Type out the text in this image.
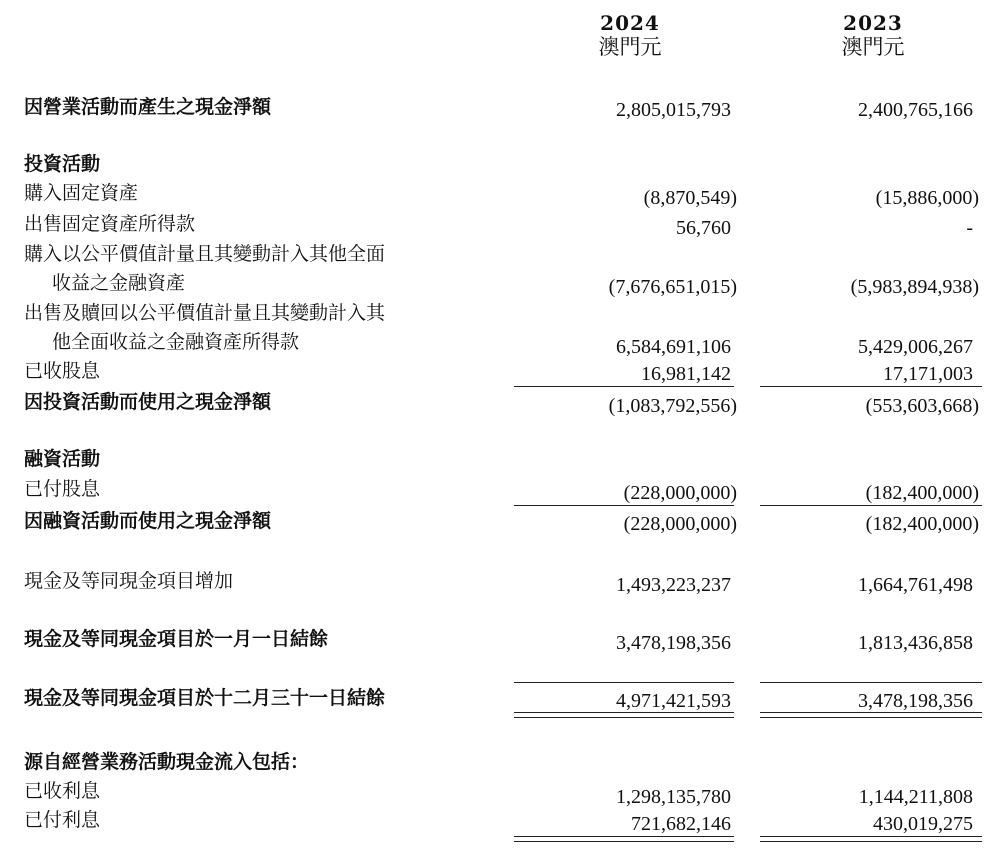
2024
澳門元
2023
澳門元
因營業活動而產生之現金淨額	2,805,015,793	2,400,765,166
投資活動
購入固定資產	(8,870,549)	(15,886,000)
出售固定資產所得款	56,760	-
購入以公平價值計量且其變動計入其他全面
收益之金融資產	(7,676,651,015)	(5,983,894,938)
出售及贖回以公平價值計量且其變動計入其
他全面收益之金融資產所得款	6,584,691,106	5,429,006,267
已收股息	16,981,142	17,171,003
因投資活動而使用之現金淨額	(1,083,792,556)	(553,603,668)
融資活動
已付股息	(228,000,000)	(182,400,000)
因融資活動而使用之現金淨額	(228,000,000)	(182,400,000)
現金及等同現金項目增加	1,493,223,237	1,664,761,498
現金及等同現金項目於一月一日結餘	3,478,198,356	1,813,436,858
現金及等同現金項目於十二月三十一日結餘	4,971,421,593	3,478,198,356
源自經營業務活動現金流入包括：
已收利息	1,298,135,780	1,144,211,808
已付利息	721,682,146	430,019,275
